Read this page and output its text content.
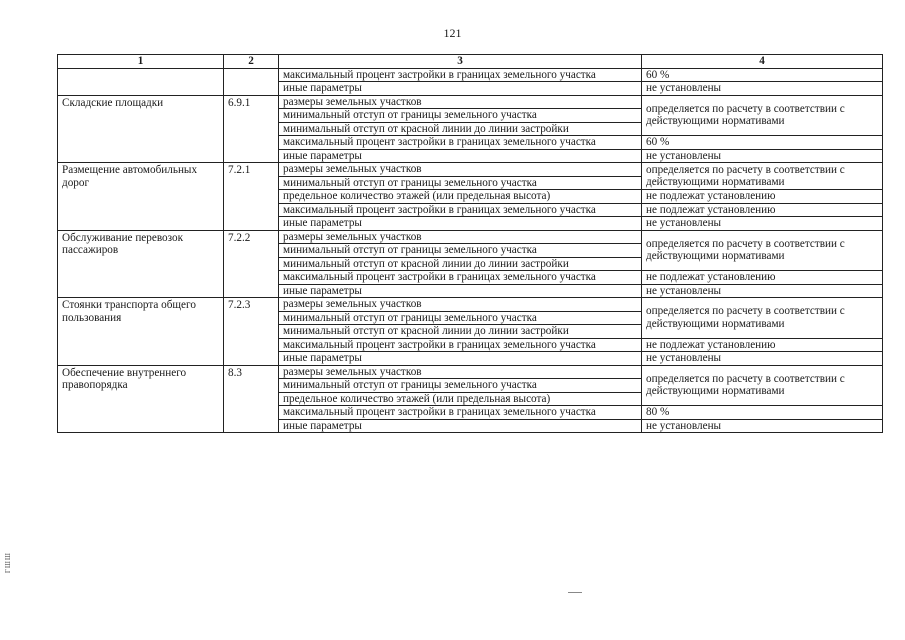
121
1	2	3	4
		максимальный процент застройки в границах земельного участка	60 %
		иные параметры	не установлены
Складские площадки	6.9.1	размеры земельных участков	определяется по расчету в соответствии с действующими нормативами
		минимальный отступ от границы земельного участка	
		минимальный отступ от красной линии до линии застройки	
		максимальный процент застройки в границах земельного участка	60 %
		иные параметры	не установлены
Размещение автомобильных дорог	7.2.1	размеры земельных участков	определяется по расчету в соответствии с действующими нормативами
		минимальный отступ от границы земельного участка	
		предельное количество этажей (или предельная высота)	не подлежат установлению
		максимальный процент застройки в границах земельного участка	не подлежат установлению
		иные параметры	не установлены
Обслуживание перевозок пассажиров	7.2.2	размеры земельных участков	определяется по расчету в соответствии с действующими нормативами
		минимальный отступ от границы земельного участка	
		минимальный отступ от красной линии до линии застройки	
		максимальный процент застройки в границах земельного участка	не подлежат установлению
		иные параметры	не установлены
Стоянки транспорта общего пользования	7.2.3	размеры земельных участков	определяется по расчету в соответствии с действующими нормативами
		минимальный отступ от границы земельного участка	
		минимальный отступ от красной линии до линии застройки	
		максимальный процент застройки в границах земельного участка	не подлежат установлению
		иные параметры	не установлены
Обеспечение внутреннего правопорядка	8.3	размеры земельных участков	определяется по расчету в соответствии с действующими нормативами
		минимальный отступ от границы земельного участка	
		предельное количество этажей (или предельная высота)	
		максимальный процент застройки в границах земельного участка	80 %
		иные параметры	не установлены
ГШШ
